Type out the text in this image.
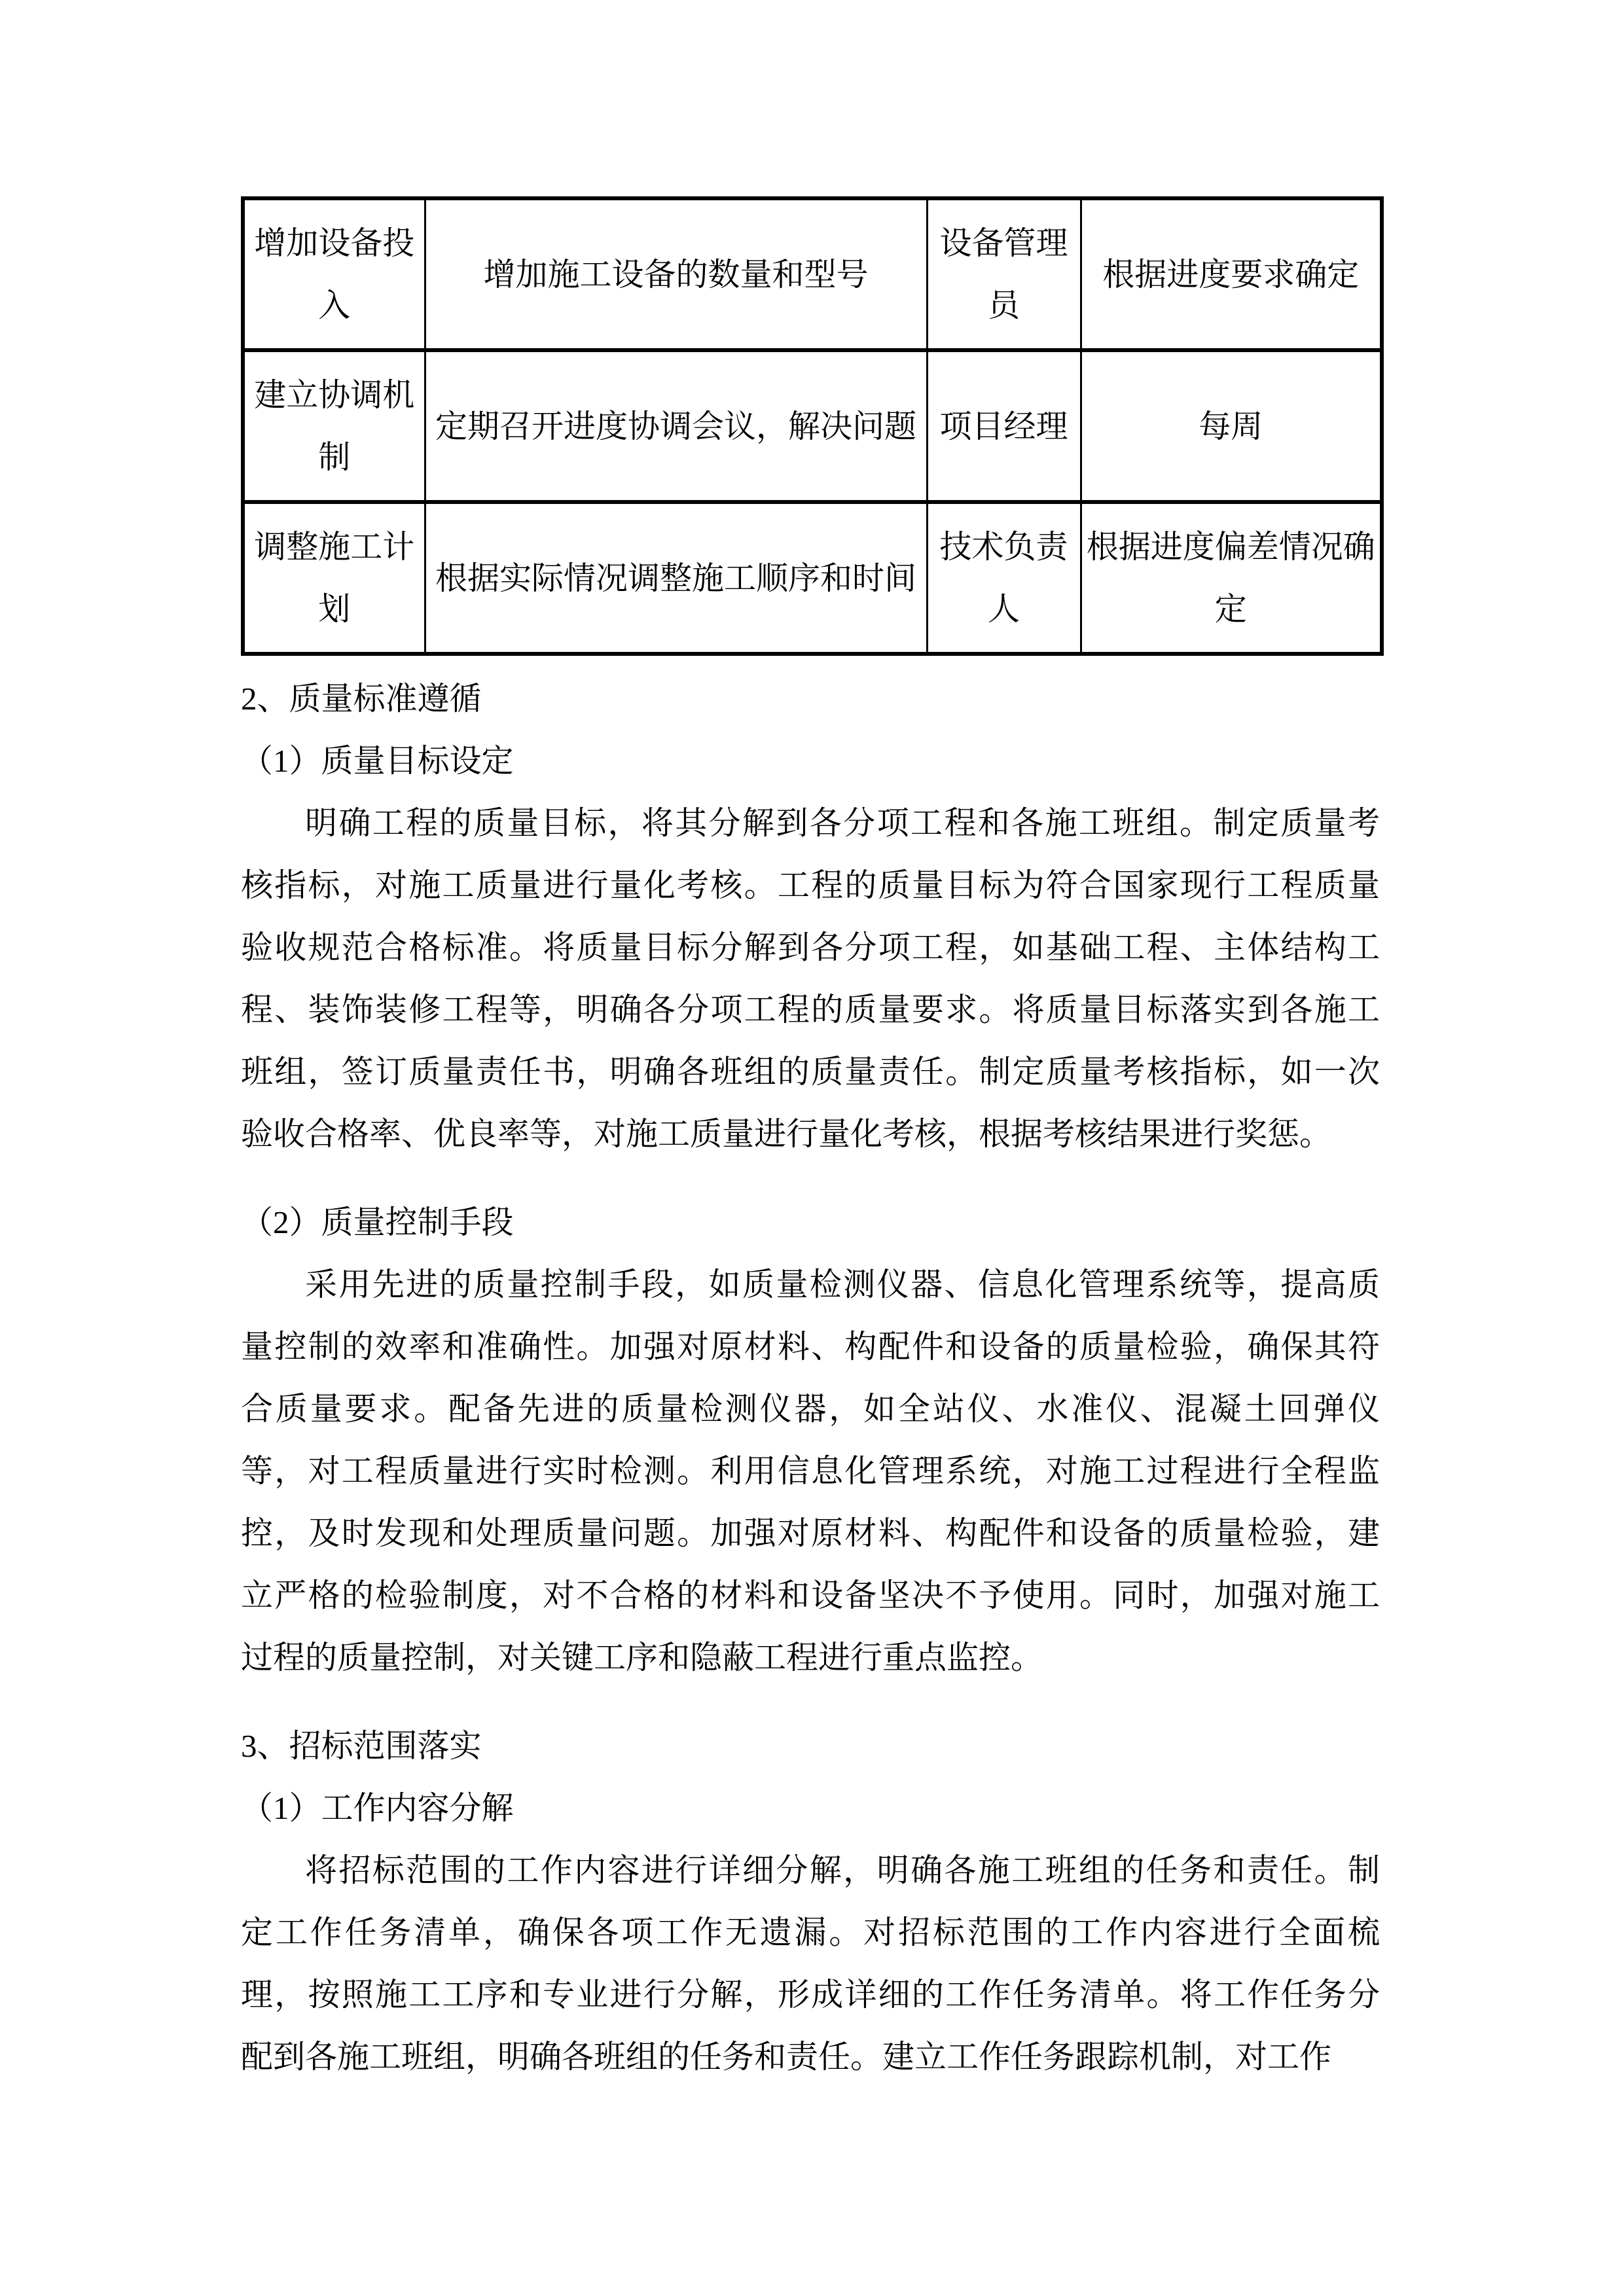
增加设备投入	增加施工设备的数量和型号	设备管理员	根据进度要求确定
建立协调机制	定期召开进度协调会议，解决问题	项目经理	每周
调整施工计划	根据实际情况调整施工顺序和时间	技术负责人	根据进度偏差情况确定
2、质量标准遵循
（1）质量目标设定
明确工程的质量目标，将其分解到各分项工程和各施工班组。制定质量考
核指标，对施工质量进行量化考核。工程的质量目标为符合国家现行工程质量
验收规范合格标准。将质量目标分解到各分项工程，如基础工程、主体结构工
程、装饰装修工程等，明确各分项工程的质量要求。将质量目标落实到各施工
班组，签订质量责任书，明确各班组的质量责任。制定质量考核指标，如一次
验收合格率、优良率等，对施工质量进行量化考核，根据考核结果进行奖惩。
（2）质量控制手段
采用先进的质量控制手段，如质量检测仪器、信息化管理系统等，提高质
量控制的效率和准确性。加强对原材料、构配件和设备的质量检验，确保其符
合质量要求。配备先进的质量检测仪器，如全站仪、水准仪、混凝土回弹仪
等，对工程质量进行实时检测。利用信息化管理系统，对施工过程进行全程监
控，及时发现和处理质量问题。加强对原材料、构配件和设备的质量检验，建
立严格的检验制度，对不合格的材料和设备坚决不予使用。同时，加强对施工
过程的质量控制，对关键工序和隐蔽工程进行重点监控。
3、招标范围落实
（1）工作内容分解
将招标范围的工作内容进行详细分解，明确各施工班组的任务和责任。制
定工作任务清单，确保各项工作无遗漏。对招标范围的工作内容进行全面梳
理，按照施工工序和专业进行分解，形成详细的工作任务清单。将工作任务分
配到各施工班组，明确各班组的任务和责任。建立工作任务跟踪机制，对工作
